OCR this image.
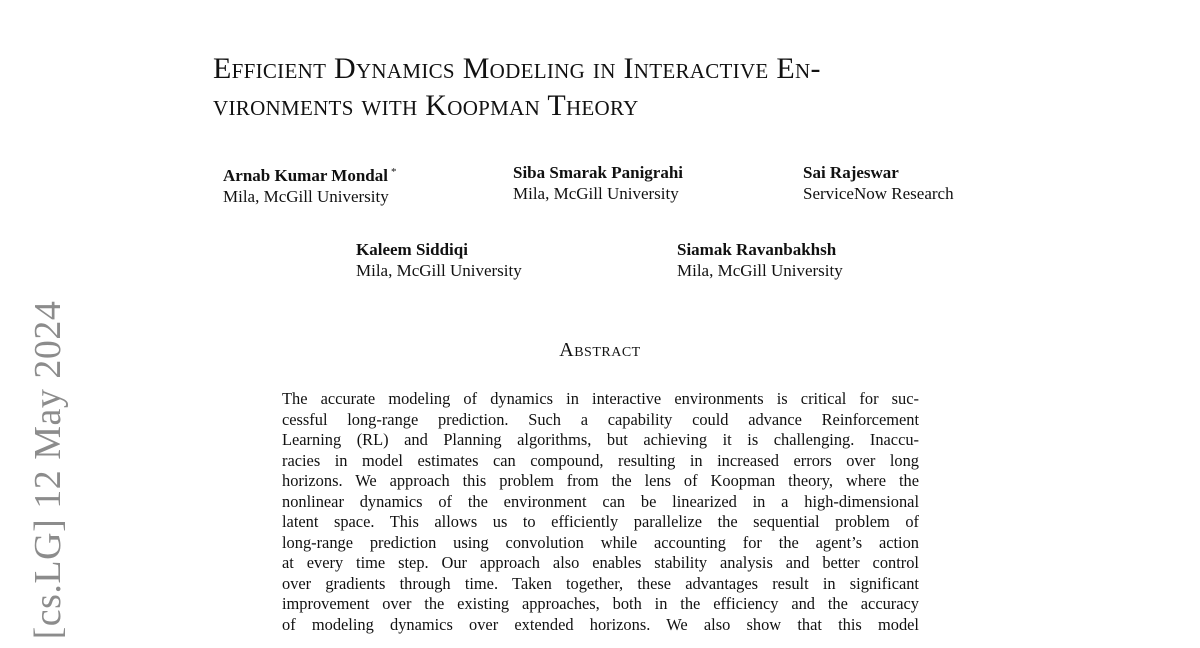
[cs.LG] 12 May 2024
Efficient Dynamics Modeling in Interactive En-
vironments with Koopman Theory
Arnab Kumar Mondal *
Mila, McGill University
Siba Smarak Panigrahi
Mila, McGill University
Sai Rajeswar
ServiceNow Research
Kaleem Siddiqi
Mila, McGill University
Siamak Ravanbakhsh
Mila, McGill University
Abstract
The accurate modeling of dynamics in interactive environments is critical for suc-
cessful long-range prediction. Such a capability could advance Reinforcement
Learning (RL) and Planning algorithms, but achieving it is challenging. Inaccu-
racies in model estimates can compound, resulting in increased errors over long
horizons. We approach this problem from the lens of Koopman theory, where the
nonlinear dynamics of the environment can be linearized in a high-dimensional
latent space. This allows us to efficiently parallelize the sequential problem of
long-range prediction using convolution while accounting for the agent’s action
at every time step. Our approach also enables stability analysis and better control
over gradients through time. Taken together, these advantages result in significant
improvement over the existing approaches, both in the efficiency and the accuracy
of modeling dynamics over extended horizons. We also show that this model
